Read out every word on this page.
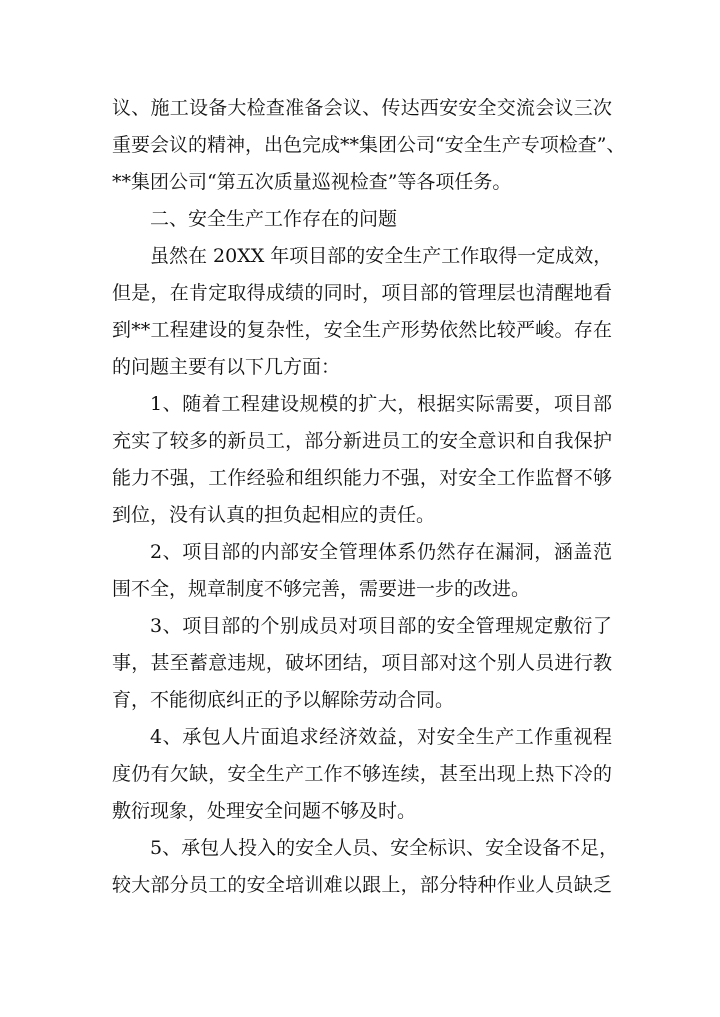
议、施工设备大检查准备会议、传达西安安全交流会议三次
重要会议的精神，出色完成**集团公司“安全生产专项检查”、
**集团公司“第五次质量巡视检查”等各项任务。
二、安全生产工作存在的问题
虽然在 20XX 年项目部的安全生产工作取得一定成效，
但是，在肯定取得成绩的同时，项目部的管理层也清醒地看
到**工程建设的复杂性，安全生产形势依然比较严峻。存在
的问题主要有以下几方面：
1、随着工程建设规模的扩大，根据实际需要，项目部
充实了较多的新员工，部分新进员工的安全意识和自我保护
能力不强，工作经验和组织能力不强，对安全工作监督不够
到位，没有认真的担负起相应的责任。
2、项目部的内部安全管理体系仍然存在漏洞，涵盖范
围不全，规章制度不够完善，需要进一步的改进。
3、项目部的个别成员对项目部的安全管理规定敷衍了
事，甚至蓄意违规，破坏团结，项目部对这个别人员进行教
育，不能彻底纠正的予以解除劳动合同。
4、承包人片面追求经济效益，对安全生产工作重视程
度仍有欠缺，安全生产工作不够连续，甚至出现上热下冷的
敷衍现象，处理安全问题不够及时。
5、承包人投入的安全人员、安全标识、安全设备不足，
较大部分员工的安全培训难以跟上，部分特种作业人员缺乏
